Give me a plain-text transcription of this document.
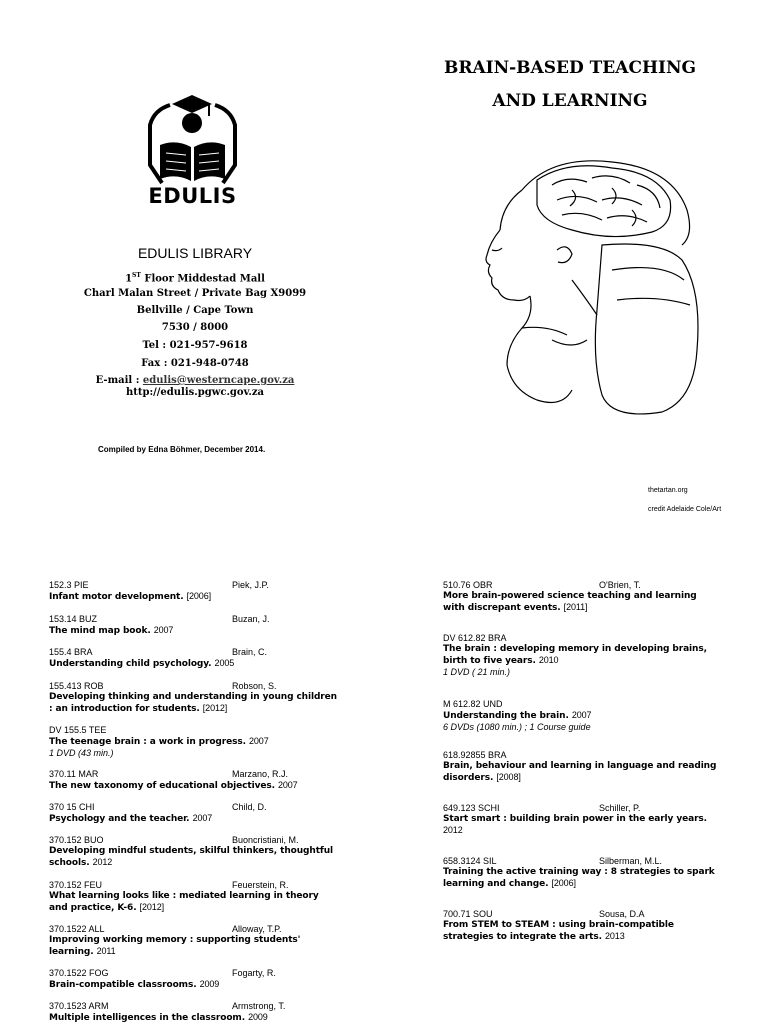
EDULIS
EDULIS LIBRARY
1ST Floor Middestad Mall
Charl Malan Street / Private Bag X9099
Bellville / Cape Town
7530 / 8000
Tel : 021-957-9618
Fax : 021-948-0748
E-mail : edulis@westerncape.gov.za
http://edulis.pgwc.gov.za
Compiled by Edna Böhmer, December 2014.
BRAIN-BASED TEACHING
AND LEARNING
thetartan.org
credit Adelaide Cole/Art
152.3 PIE	Piek, J.P.
Infant motor development. [2006]
153.14 BUZ	Buzan, J.
The mind map book. 2007
155.4 BRA	Brain, C.
Understanding child psychology. 2005
155.413 ROB	Robson, S.
Developing thinking and understanding in young children : an introduction for students. [2012]
DV 155.5 TEE
The teenage brain : a work in progress. 2007
1 DVD (43 min.)
370.11 MAR	Marzano, R.J.
The new taxonomy of educational objectives. 2007
370 15 CHI	Child, D.
Psychology and the teacher. 2007
370.152 BUO	Buoncristiani, M.
Developing mindful students, skilful thinkers, thoughtful schools. 2012
370.152 FEU	Feuerstein, R.
What learning looks like : mediated learning in theory and practice, K-6. [2012]
370.1522 ALL	Alloway, T.P.
Improving working memory : supporting students' learning. 2011
370.1522 FOG	Fogarty, R.
Brain-compatible classrooms. 2009
370.1523 ARM	Armstrong, T.
Multiple intelligences in the classroom. 2009
510.76 OBR	O'Brien, T.
More brain-powered science teaching and learning with discrepant events. [2011]
DV 612.82 BRA
The brain : developing memory in developing brains, birth to five years. 2010
1 DVD ( 21 min.)
M 612.82 UND
Understanding the brain. 2007
6 DVDs (1080 min.) ; 1 Course guide
618.92855 BRA
Brain, behaviour and learning in language and reading disorders. [2008]
649.123 SCHI	Schiller, P.
Start smart : building brain power in the early years. 2012
658.3124 SIL	Silberman, M.L.
Training the active training way : 8 strategies to spark learning and change. [2006]
700.71 SOU	Sousa, D.A
From STEM to STEAM : using brain-compatible strategies to integrate the arts. 2013
